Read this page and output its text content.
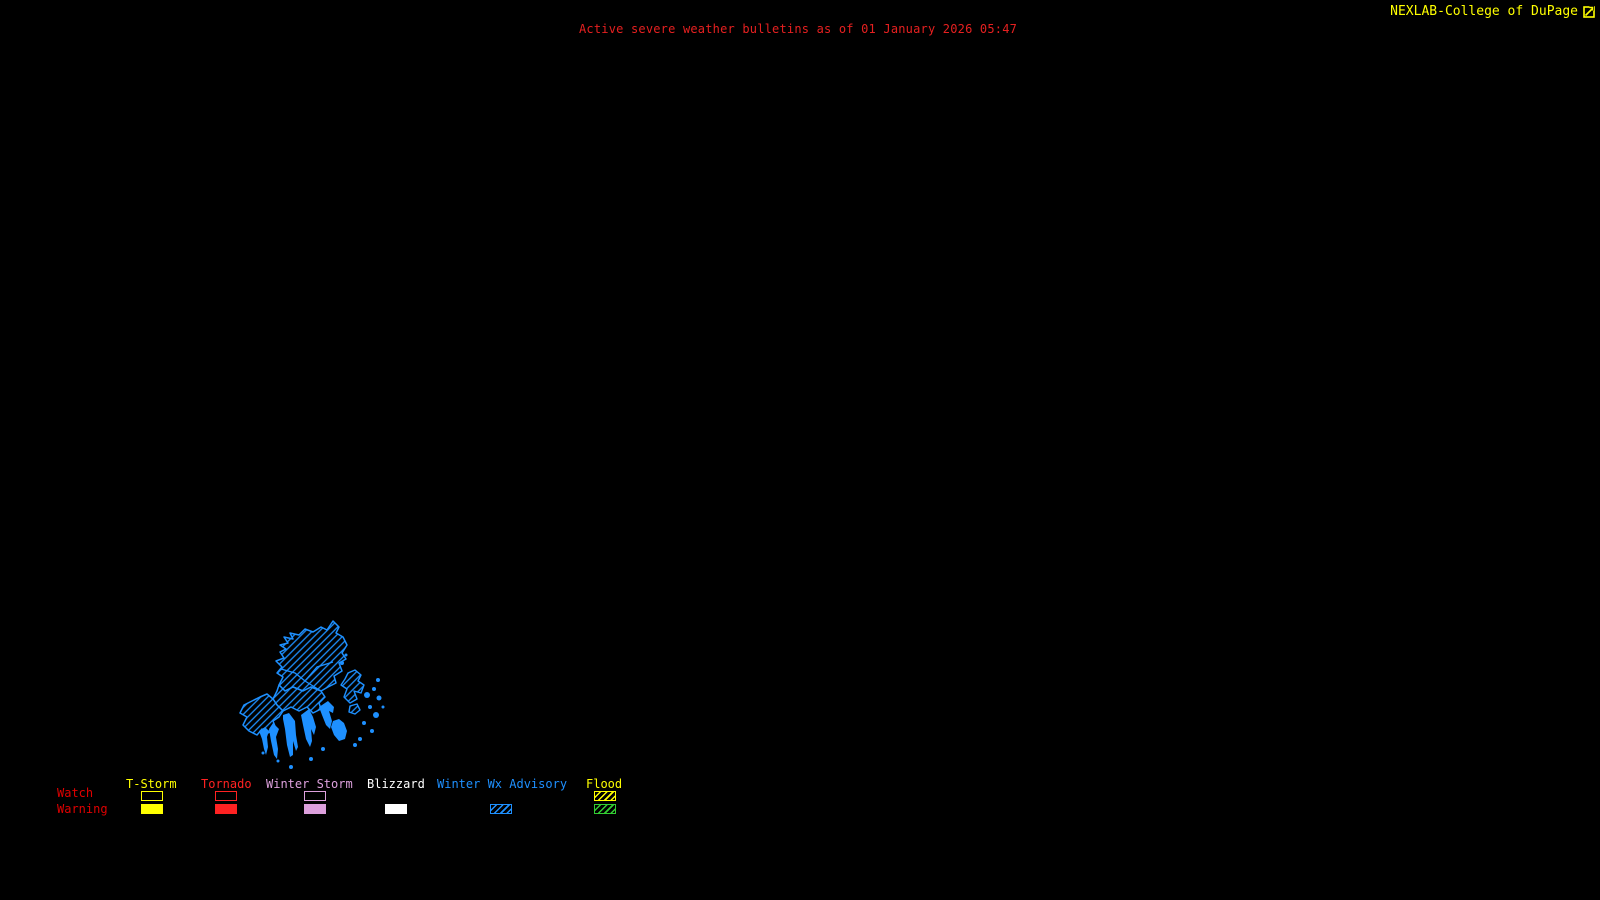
Active severe weather bulletins as of 01 January 2026 05:47
NEXLAB-College of DuPage
Watch
Warning
T-Storm Tornado Winter Storm Blizzard Winter Wx Advisory Flood
